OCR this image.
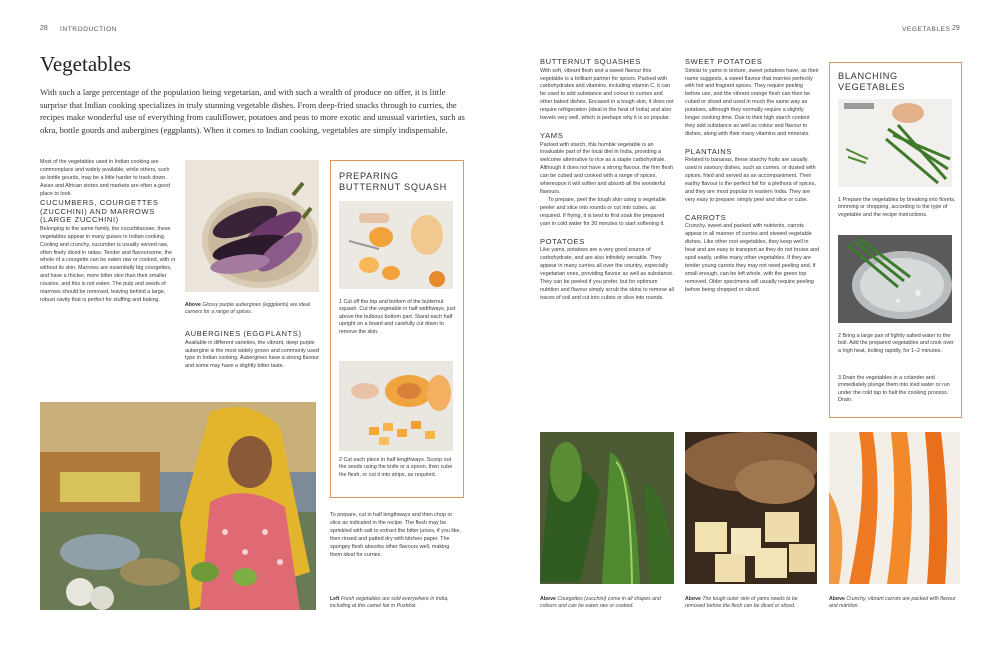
28 INTRODUCTION
Vegetables
With such a large percentage of the population being vegetarian, and with such a wealth of produce on offer, it is little surprise that Indian cooking specializes in truly stunning vegetable dishes. From deep-fried snacks through to curries, the recipes make wonderful use of everything from cauliflower, potatoes and peas to more exotic and unusual varieties, such as okra, bottle gourds and aubergines (eggplants). When it comes to Indian cooking, vegetables are simply indispensable.
Most of the vegetables used in Indian cooking are commonplace and widely available, while others, such as bottle gourds, may be a little harder to track down. Asian and African stores and markets are often a good place to look.
CUCUMBERS, COURGETTES (ZUCCHINI) AND MARROWS (LARGE ZUCCHINI)
Belonging to the same family, the cucurbitaceae, these vegetables appear in many guises in Indian cooking. Cooling and crunchy, cucumber is usually served raw, often finely diced in raitas. Tender and flavoursome, the whole of a courgette can be eaten raw or cooked, with or without its skin. Marrows are essentially big courgettes, and have a thicker, more bitter skin than their smaller cousins, and this is not eaten. The pulp and seeds of marrows should be removed, leaving behind a large, robust cavity that is perfect for stuffing and baking.
Above Glossy purple aubergines (eggplants) are ideal carriers for a range of spices.
AUBERGINES (EGGPLANTS)
Available in different varieties, the vibrant, deep purple aubergine is the most widely grown and commonly used type in Indian cooking. Aubergines have a strong flavour and some may have a slightly bitter taste.
Left Fresh vegetables are sold everywhere in India, including at this camel fair in Pushkar.
PREPARING BUTTERNUT SQUASH
1 Cut off the top and bottom of the butternut squash. Cut the vegetable in half widthways, just above the bulbous bottom part. Stand each half upright on a board and carefully cut down to remove the skin.
2 Cut each piece in half lengthways. Scoop out the seeds using the knife or a spoon, then cube the flesh, or cut it into strips, as required.
To prepare, cut in half lengthways and then chop or slice as indicated in the recipe. The flesh may be sprinkled with salt to extract the bitter juices, if you like, then rinsed and patted dry with kitchen paper. The spongey flesh absorbs other flavours well, making them ideal for curries.
VEGETABLES 29
BUTTERNUT SQUASHES
With soft, vibrant flesh and a sweet flavour this vegetable is a brilliant partner for spices. Packed with carbohydrates and vitamins, including vitamin C, it can be used to add substance and colour to curries and other baked dishes. Encased in a tough skin, it does not require refrigeration (ideal in the heat of India) and also travels very well, which is perhaps why it is so popular.
YAMS
Packed with starch, this humble vegetable is an invaluable part of the local diet in India, providing a welcome alternative to rice as a staple carbohydrate. Although it does not have a strong flavour, the firm flesh can be cubed and cooked with a range of spices, whereupon it will soften and absorb all the wonderful flavours.
To prepare, peel the tough skin using a vegetable peeler and slice into rounds or cut into cubes, as required. If frying, it is best to first soak the prepared yam in cold water for 30 minutes to start softening it.
POTATOES
Like yams, potatoes are a very good source of carbohydrate, and are also infinitely versatile. They appear in many curries all over the country, especially vegetarian ones, providing flavour as well as substance. They can be peeled if you prefer, but for optimum nutrition and flavour simply scrub the skins to remove all traces of soil and cut into cubes or slice into rounds.
SWEET POTATOES
Similar to yams in texture, sweet potatoes have, as their name suggests, a sweet flavour that marries perfectly with hot and fragrant spices. They require peeling before use, and the vibrant orange flesh can then be cubed or sliced and used in much the same way as potatoes, although they normally require a slightly longer cooking time. Due to their high starch content they add substance as well as colour and flavour to dishes, along with their many vitamins and minerals.
PLANTAINS
Related to bananas, these starchy fruits are usually used in savoury dishes, such as curries, or dusted with spices, fried and served as an accompaniment. Their earthy flavour is the perfect foil for a plethora of spices, and they are most popular in eastern India. They are very easy to prepare: simply peel and slice or cube.
CARROTS
Crunchy, sweet and packed with nutrients, carrots appear in all manner of curries and stewed vegetable dishes. Like other root vegetables, they keep well in heat and are easy to transport as they do not bruise and spoil easily, unlike many other vegetables. If they are tender young carrots they may not need peeling and, if small enough, can be left whole, with the green top removed. Older specimens will usually require peeling before being chopped or sliced.
BLANCHING VEGETABLES
1 Prepare the vegetables by breaking into florets, trimming or chopping, according to the type of vegetable and the recipe instructions.
2 Bring a large pan of lightly salted water to the boil. Add the prepared vegetables and cook over a high heat, boiling rapidly, for 1–2 minutes.
3 Drain the vegetables in a colander and immediately plunge them into iced water or run under the cold tap to halt the cooking process. Drain.
Above Courgettes (zucchini) come in all shapes and colours and can be eaten raw or cooked.
Above The tough outer skin of yams needs to be removed before the flesh can be diced or sliced.
Above Crunchy, vibrant carrots are packed with flavour and nutrition.
